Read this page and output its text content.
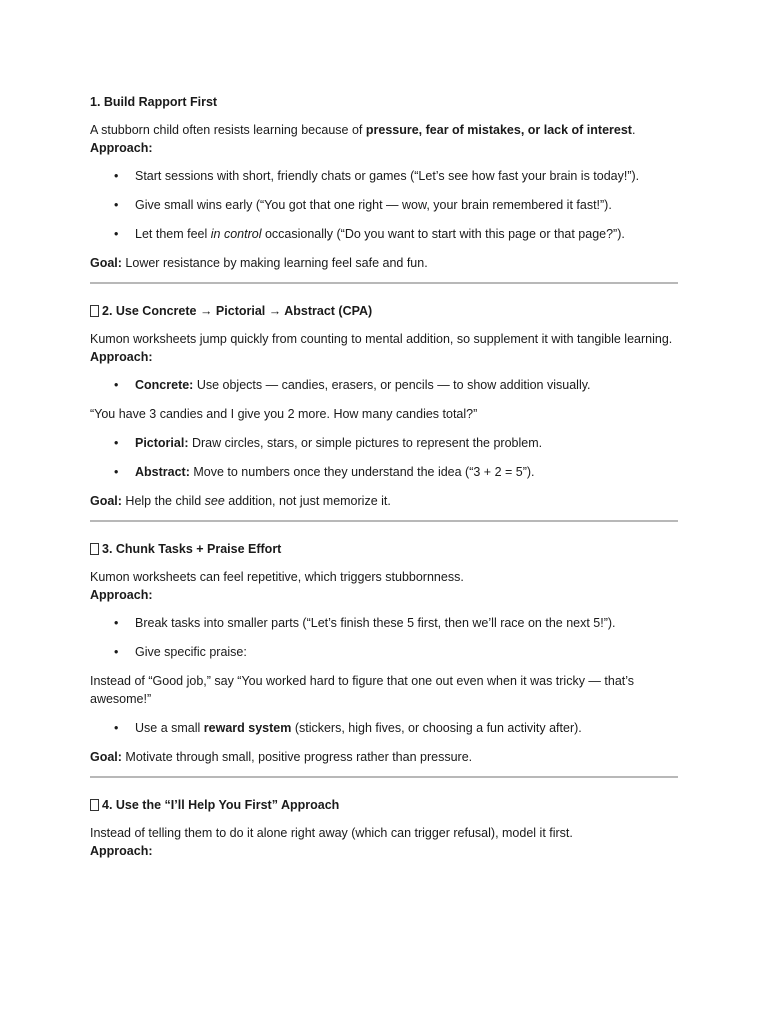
1. Build Rapport First

A stubborn child often resists learning because of pressure, fear of mistakes, or lack of interest.

Approach:
• Start sessions with short, friendly chats or games (“Let’s see how fast your brain is today!”).
• Give small wins early (“You got that one right — wow, your brain remembered it fast!”).
• Let them feel in control occasionally (“Do you want to start with this page or that page?”).

Goal: Lower resistance by making learning feel safe and fun.

2. Use Concrete → Pictorial → Abstract (CPA)

Kumon worksheets jump quickly from counting to mental addition, so supplement it with tangible learning.

Approach:
• Concrete: Use objects — candies, erasers, or pencils — to show addition visually.

“You have 3 candies and I give you 2 more. How many candies total?”

• Pictorial: Draw circles, stars, or simple pictures to represent the problem.
• Abstract: Move to numbers once they understand the idea (“3 + 2 = 5”).

Goal: Help the child see addition, not just memorize it.

3. Chunk Tasks + Praise Effort

Kumon worksheets can feel repetitive, which triggers stubbornness.

Approach:
• Break tasks into smaller parts (“Let’s finish these 5 first, then we’ll race on the next 5!”).
• Give specific praise:

Instead of “Good job,” say “You worked hard to figure that one out even when it was tricky — that’s awesome!”

• Use a small reward system (stickers, high fives, or choosing a fun activity after).

Goal: Motivate through small, positive progress rather than pressure.

4. Use the “I’ll Help You First” Approach

Instead of telling them to do it alone right away (which can trigger refusal), model it first.

Approach:
